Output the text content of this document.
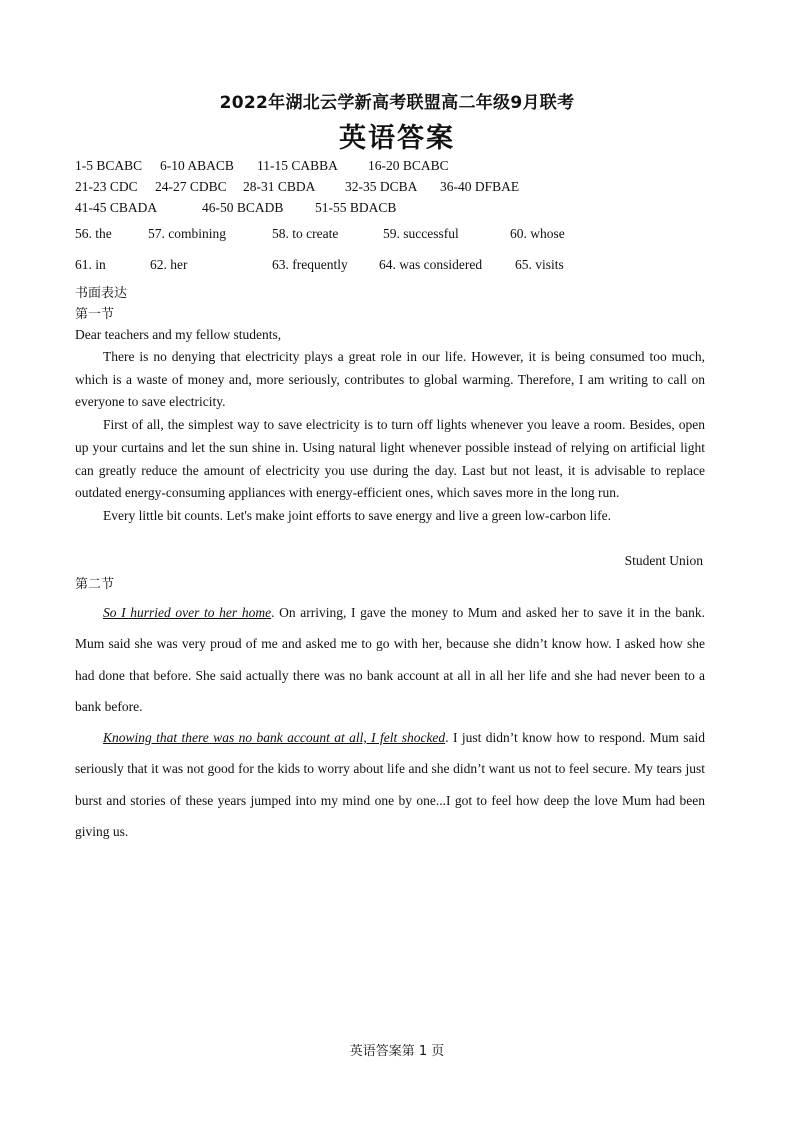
2022年湖北云学新高考联盟高二年级9月联考
英语答案
1-5 BCABC 6-10 ABACB 11-15 CABBA 16-20 BCABC
21-23 CDC 24-27 CDBC 28-31 CBDA 32-35 DCBA 36-40 DFBAE
41-45 CBADA	46-50 BCADB 51-55 BDACB
56. the	57. combining	58. to create	59. successful	60. whose
61. in	62. her	63. frequently 64. was considered 65. visits
书面表达
第一节
Dear teachers and my fellow students,
There is no denying that electricity plays a great role in our life. However, it is being consumed too much, which is a waste of money and, more seriously, contributes to global warming. Therefore, I am writing to call on everyone to save electricity.
First of all, the simplest way to save electricity is to turn off lights whenever you leave a room. Besides, open up your curtains and let the sun shine in. Using natural light whenever possible instead of relying on artificial light can greatly reduce the amount of electricity you use during the day. Last but not least, it is advisable to replace outdated energy-consuming appliances with energy-efficient ones, which saves more in the long run.
Every little bit counts. Let's make joint efforts to save energy and live a green low-carbon life.
Student Union
第二节
So I hurried over to her home. On arriving, I gave the money to Mum and asked her to save it in the bank. Mum said she was very proud of me and asked me to go with her, because she didn’t know how. I asked how she had done that before. She said actually there was no bank account at all in all her life and she had never been to a bank before.
Knowing that there was no bank account at all, I felt shocked. I just didn’t know how to respond. Mum said seriously that it was not good for the kids to worry about life and she didn’t want us not to feel secure. My tears just burst and stories of these years jumped into my mind one by one...I got to feel how deep the love Mum had been giving us.
英语答案第 1 页
